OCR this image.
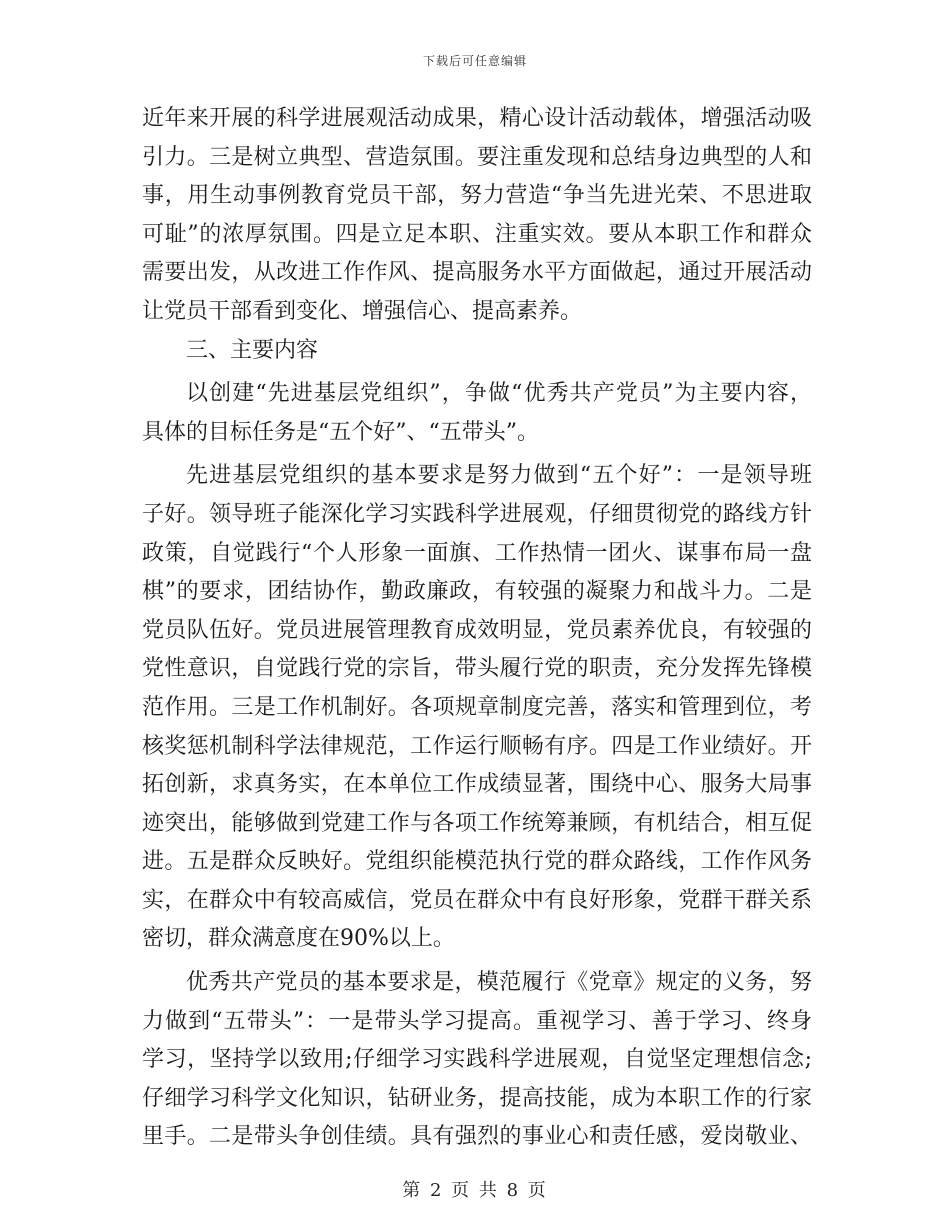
下载后可任意编辑
近年来开展的科学进展观活动成果，精心设计活动载体，增强活动吸
引力。三是树立典型、营造氛围。要注重发现和总结身边典型的人和
事，用生动事例教育党员干部，努力营造“争当先进光荣、不思进取
可耻”的浓厚氛围。四是立足本职、注重实效。要从本职工作和群众
需要出发，从改进工作作风、提高服务水平方面做起，通过开展活动
让党员干部看到变化、增强信心、提高素养。
三、主要内容
以创建“先进基层党组织”，争做“优秀共产党员”为主要内容，
具体的目标任务是“五个好”、“五带头”。
先进基层党组织的基本要求是努力做到“五个好”：一是领导班
子好。领导班子能深化学习实践科学进展观，仔细贯彻党的路线方针
政策，自觉践行“个人形象一面旗、工作热情一团火、谋事布局一盘
棋”的要求，团结协作，勤政廉政，有较强的凝聚力和战斗力。二是
党员队伍好。党员进展管理教育成效明显，党员素养优良，有较强的
党性意识，自觉践行党的宗旨，带头履行党的职责，充分发挥先锋模
范作用。三是工作机制好。各项规章制度完善，落实和管理到位，考
核奖惩机制科学法律规范，工作运行顺畅有序。四是工作业绩好。开
拓创新，求真务实，在本单位工作成绩显著，围绕中心、服务大局事
迹突出，能够做到党建工作与各项工作统筹兼顾，有机结合，相互促
进。五是群众反映好。党组织能模范执行党的群众路线，工作作风务
实，在群众中有较高威信，党员在群众中有良好形象，党群干群关系
密切，群众满意度在90%以上。
优秀共产党员的基本要求是，模范履行《党章》规定的义务，努
力做到“五带头”：一是带头学习提高。重视学习、善于学习、终身
学习，坚持学以致用;仔细学习实践科学进展观，自觉坚定理想信念;
仔细学习科学文化知识，钻研业务，提高技能，成为本职工作的行家
里手。二是带头争创佳绩。具有强烈的事业心和责任感，爱岗敬业、
第 2 页 共 8 页
